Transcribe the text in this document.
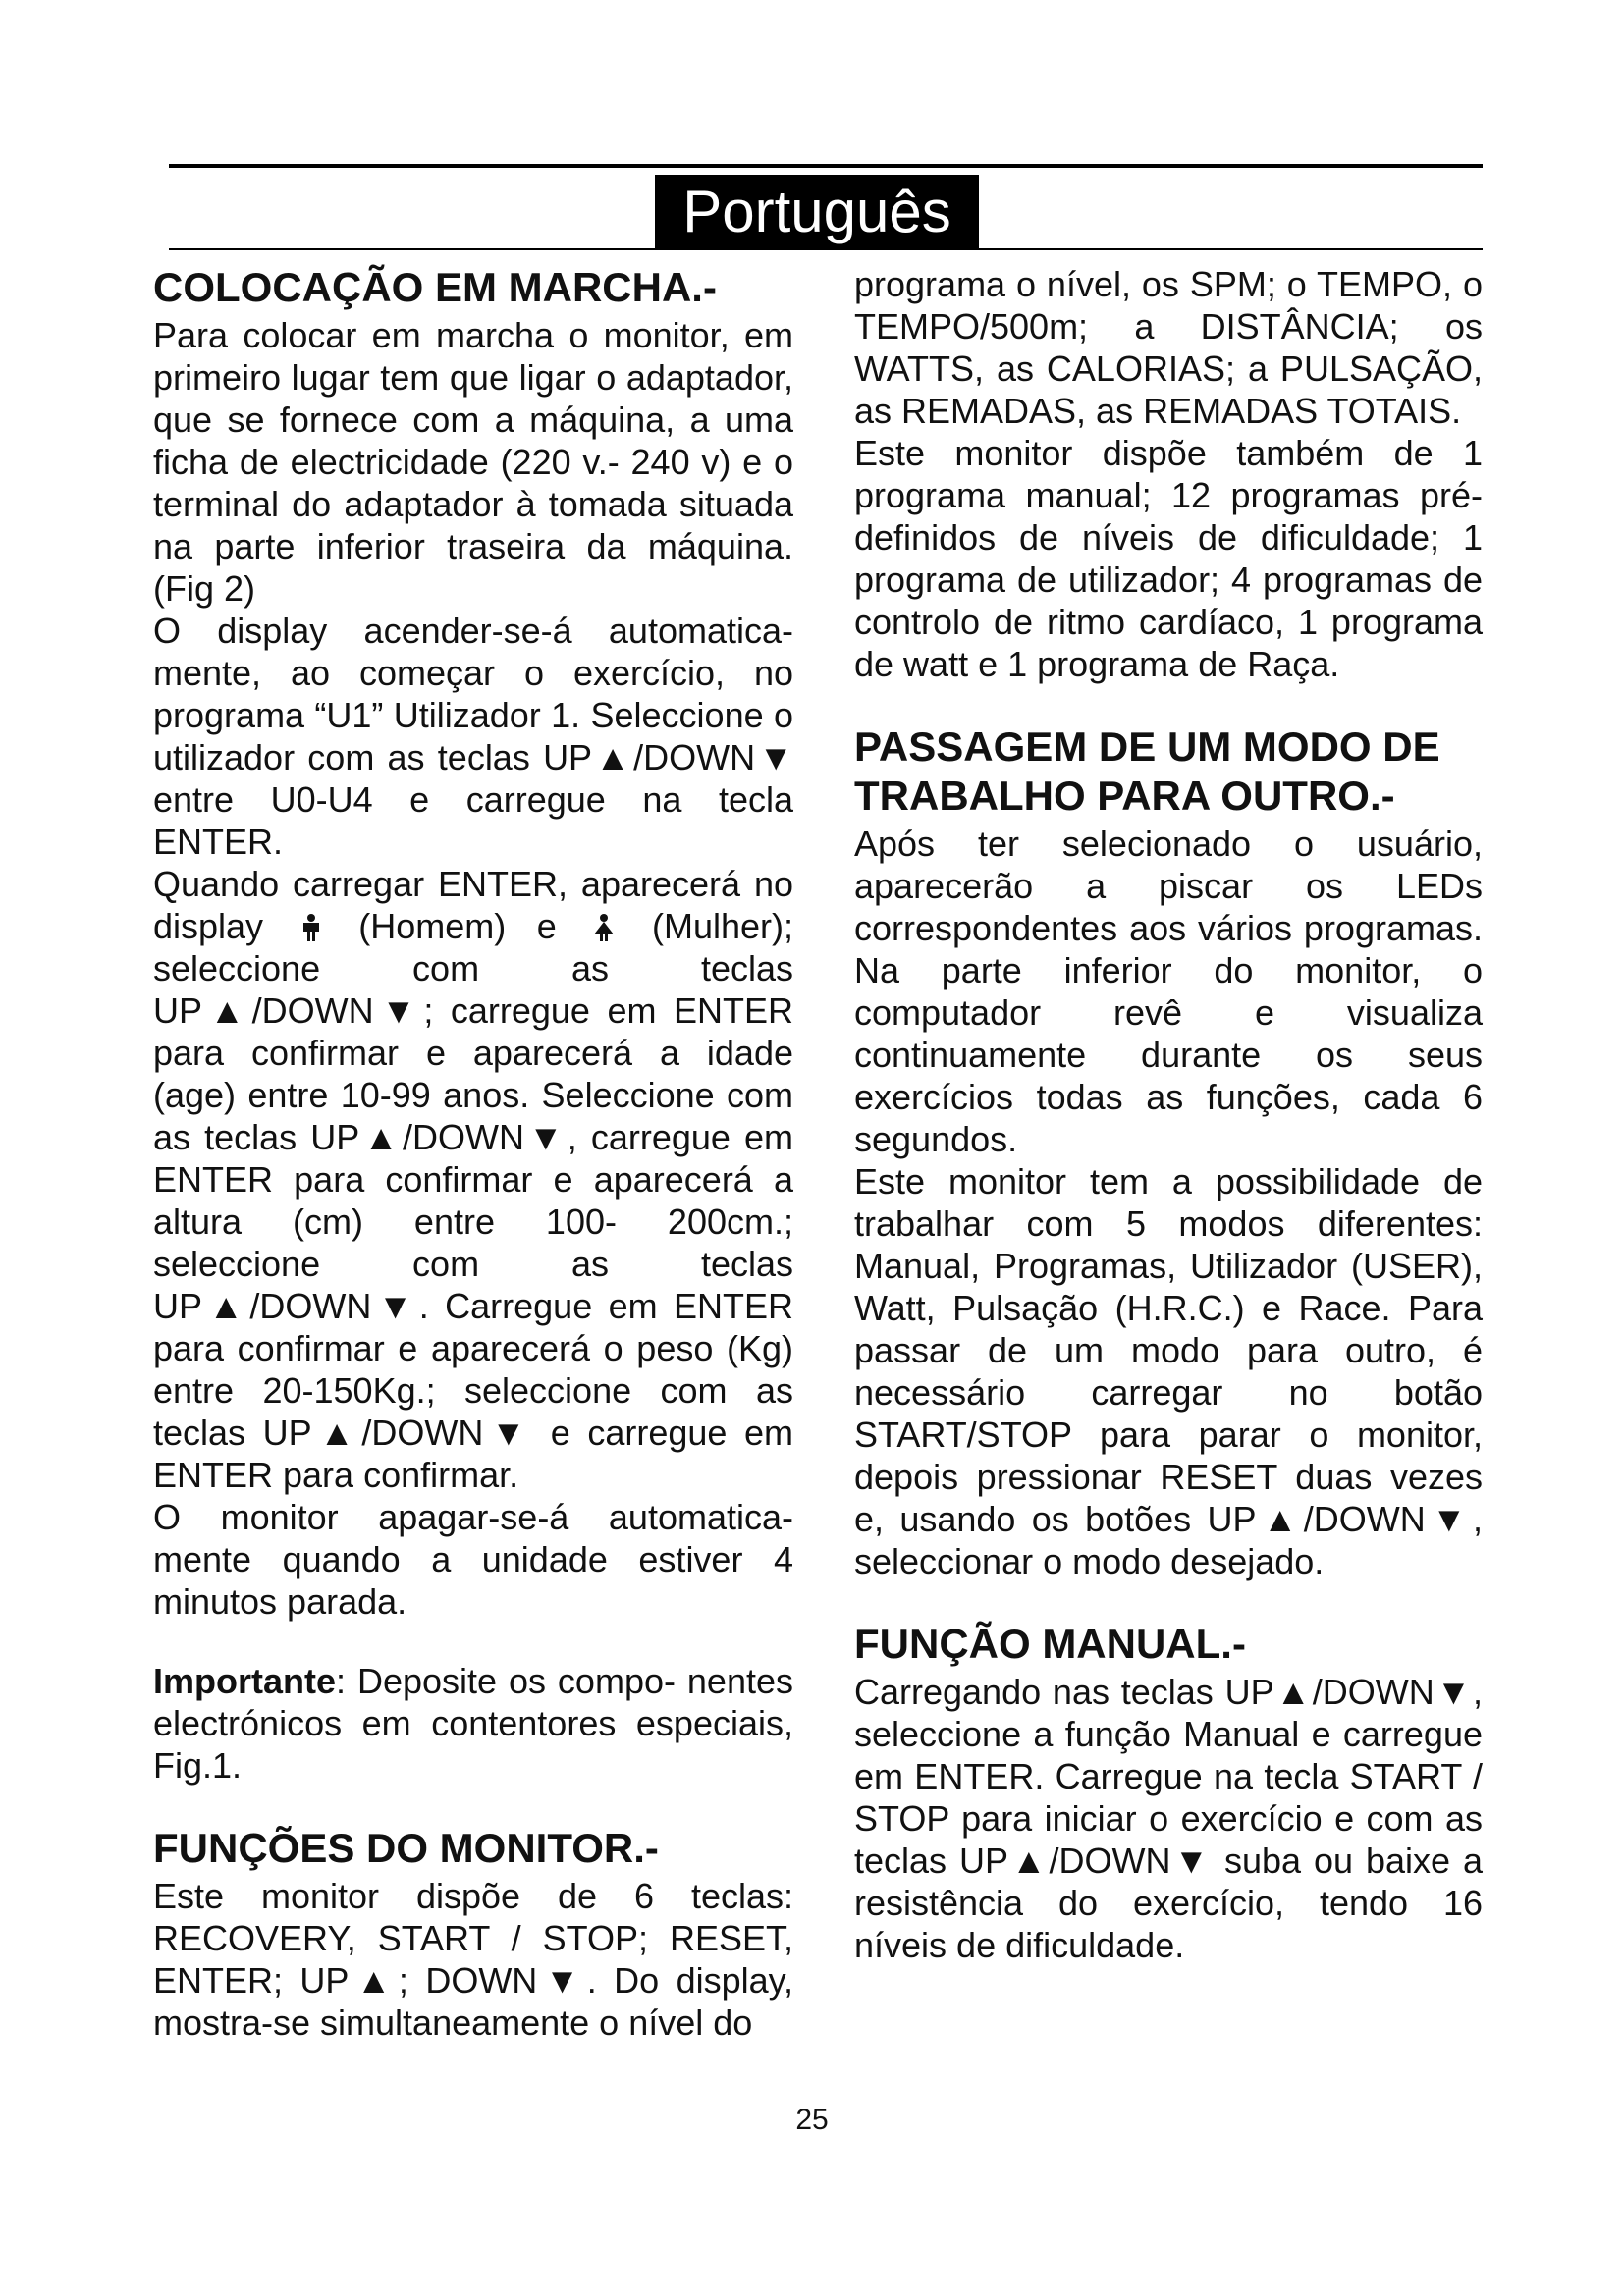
Português
COLOCAÇÃO EM MARCHA.-

Para colocar em marcha o monitor, em primeiro lugar tem que ligar o adaptador, que se fornece com a máquina, a uma ficha de electricidade (220 v.- 240 v) e o terminal do adaptador à tomada situada na parte inferior traseira da máquina. (Fig 2)

O display acender-se-á automatica- mente, ao começar o exercício, no programa “U1” Utilizador 1. Seleccione o utilizador com as teclas UP▲/DOWN▼ entre U0-U4 e carregue na tecla ENTER.

Quando carregar ENTER, aparecerá no display	(Homem) e	(Mulher); seleccione com as teclas UP▲/DOWN▼; carregue em ENTER para confirmar e aparecerá a idade (age) entre 10-99 anos. Seleccione com as teclas UP▲/DOWN▼, carregue em ENTER para confirmar e aparecerá a altura (cm) entre 100- 200cm.; seleccione com as teclas UP▲/DOWN▼. Carregue em ENTER para confirmar e aparecerá o peso (Kg) entre 20-150Kg.; seleccione com as teclas UP▲/DOWN▼ e carregue em ENTER para confirmar.

O monitor apagar-se-á automatica- mente quando a unidade estiver 4 minutos parada.

Importante: Deposite os compo- nentes electrónicos em contentores especiais, Fig.1.

FUNÇÕES DO MONITOR.-

Este monitor dispõe de 6 teclas: RECOVERY, START / STOP; RESET, ENTER; UP▲; DOWN▼. Do display, mostra-se simultaneamente o nível do

programa o nível, os SPM; o TEMPO, o TEMPO/500m; a DISTÂNCIA; os WATTS, as CALORIAS; a PULSAÇÃO, as REMADAS, as REMADAS TOTAIS.

Este monitor dispõe também de 1 programa manual; 12 programas pré- definidos de níveis de dificuldade; 1 programa de utilizador; 4 programas de controlo de ritmo cardíaco, 1 programa de watt e 1 programa de Raça.

PASSAGEM DE UM MODO DE TRABALHO PARA OUTRO.-

Após ter selecionado o usuário, aparecerão a piscar os LEDs correspondentes aos vários programas. Na parte inferior do monitor, o computador revê e visualiza continuamente durante os seus exercícios todas as funções, cada 6 segundos.

Este monitor tem a possibilidade de trabalhar com 5 modos diferentes: Manual, Programas, Utilizador (USER), Watt, Pulsação (H.R.C.) e Race. Para passar de um modo para outro, é necessário carregar no botão START/STOP para parar o monitor, depois pressionar RESET duas vezes e, usando os botões UP▲/DOWN▼, seleccionar o modo desejado.

FUNÇÃO MANUAL.-

Carregando nas teclas UP▲/DOWN▼, seleccione a função Manual e carregue em ENTER. Carregue na tecla START / STOP para iniciar o exercício e com as teclas UP▲/DOWN▼ suba ou baixe a resistência do exercício, tendo 16 níveis de dificuldade.

25
